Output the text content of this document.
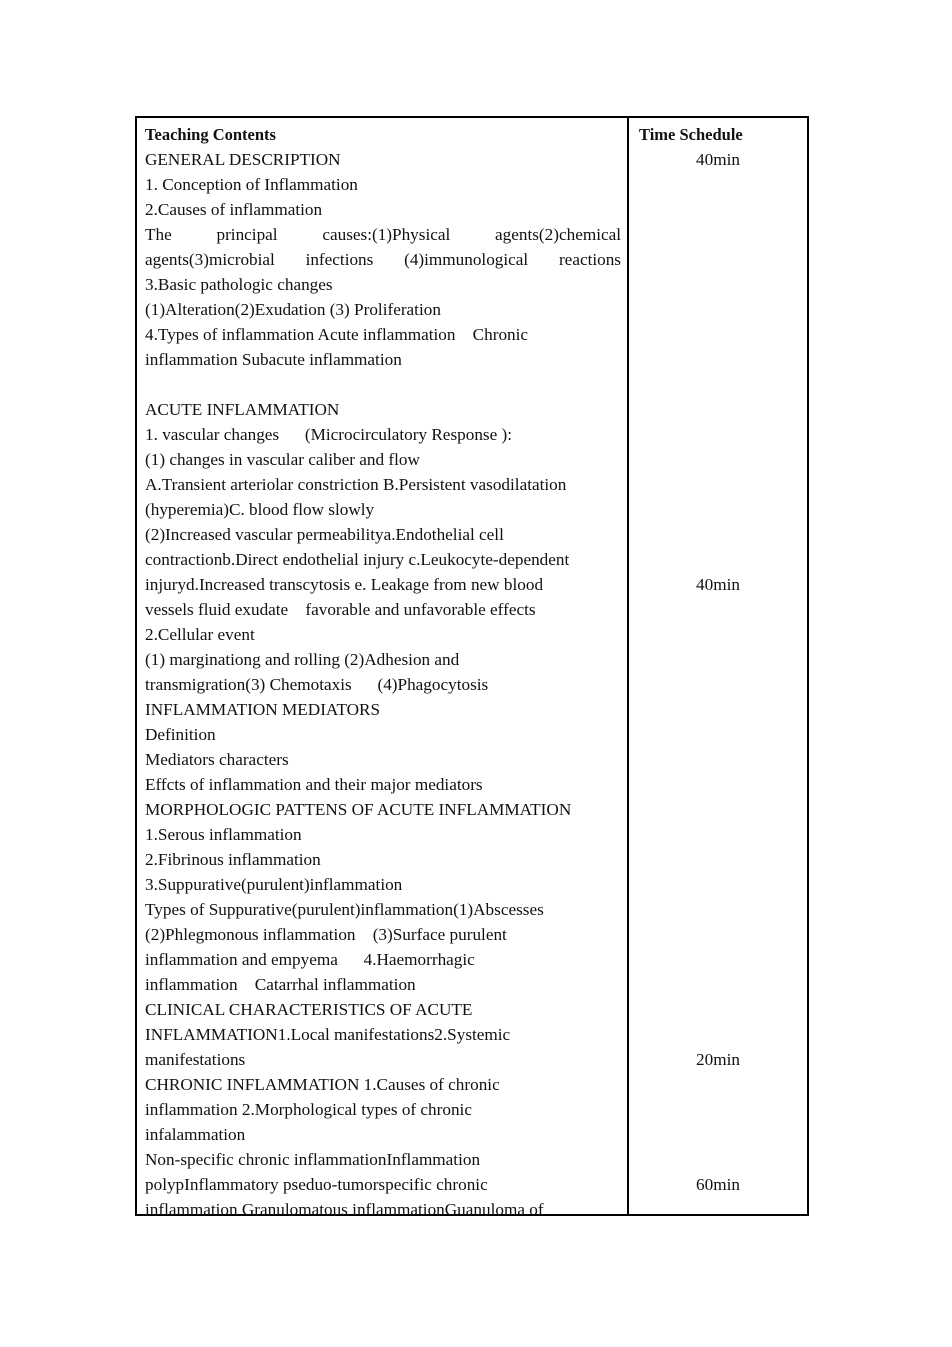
Teaching Contents
GENERAL DESCRIPTION
1. Conception of Inflammation
2.Causes of inflammation
The principal causes:(1)Physical agents(2)chemical
agents(3)microbial infections (4)immunological reactions
3.Basic pathologic changes
(1)Alteration(2)Exudation (3) Proliferation
4.Types of inflammation Acute inflammation    Chronic
inflammation Subacute inflammation
ACUTE INFLAMMATION
1. vascular changes      (Microcirculatory Response ):
(1) changes in vascular caliber and flow
A.Transient arteriolar constriction B.Persistent vasodilatation
(hyperemia)C. blood flow slowly
(2)Increased vascular permeabilitya.Endothelial cell
contractionb.Direct endothelial injury c.Leukocyte-dependent
injuryd.Increased transcytosis e. Leakage from new blood
vessels fluid exudate    favorable and unfavorable effects
2.Cellular event
(1) marginationg and rolling (2)Adhesion and
transmigration(3) Chemotaxis      (4)Phagocytosis
INFLAMMATION MEDIATORS
Definition
Mediators characters
Effcts of inflammation and their major mediators
MORPHOLOGIC PATTENS OF ACUTE INFLAMMATION
1.Serous inflammation
2.Fibrinous inflammation
3.Suppurative(purulent)inflammation
Types of Suppurative(purulent)inflammation(1)Abscesses
(2)Phlegmonous inflammation    (3)Surface purulent
inflammation and empyema      4.Haemorrhagic
inflammation    Catarrhal inflammation
CLINICAL CHARACTERISTICS OF ACUTE
INFLAMMATION1.Local manifestations2.Systemic
manifestations
CHRONIC INFLAMMATION 1.Causes of chronic
inflammation 2.Morphological types of chronic
infalammation
Non-specific chronic inflammationInflammation
polypInflammatory pseduo-tumorspecific chronic
inflammation Granulomatous inflammationGuanuloma of
Time Schedule
40min
40min
20min
60min
